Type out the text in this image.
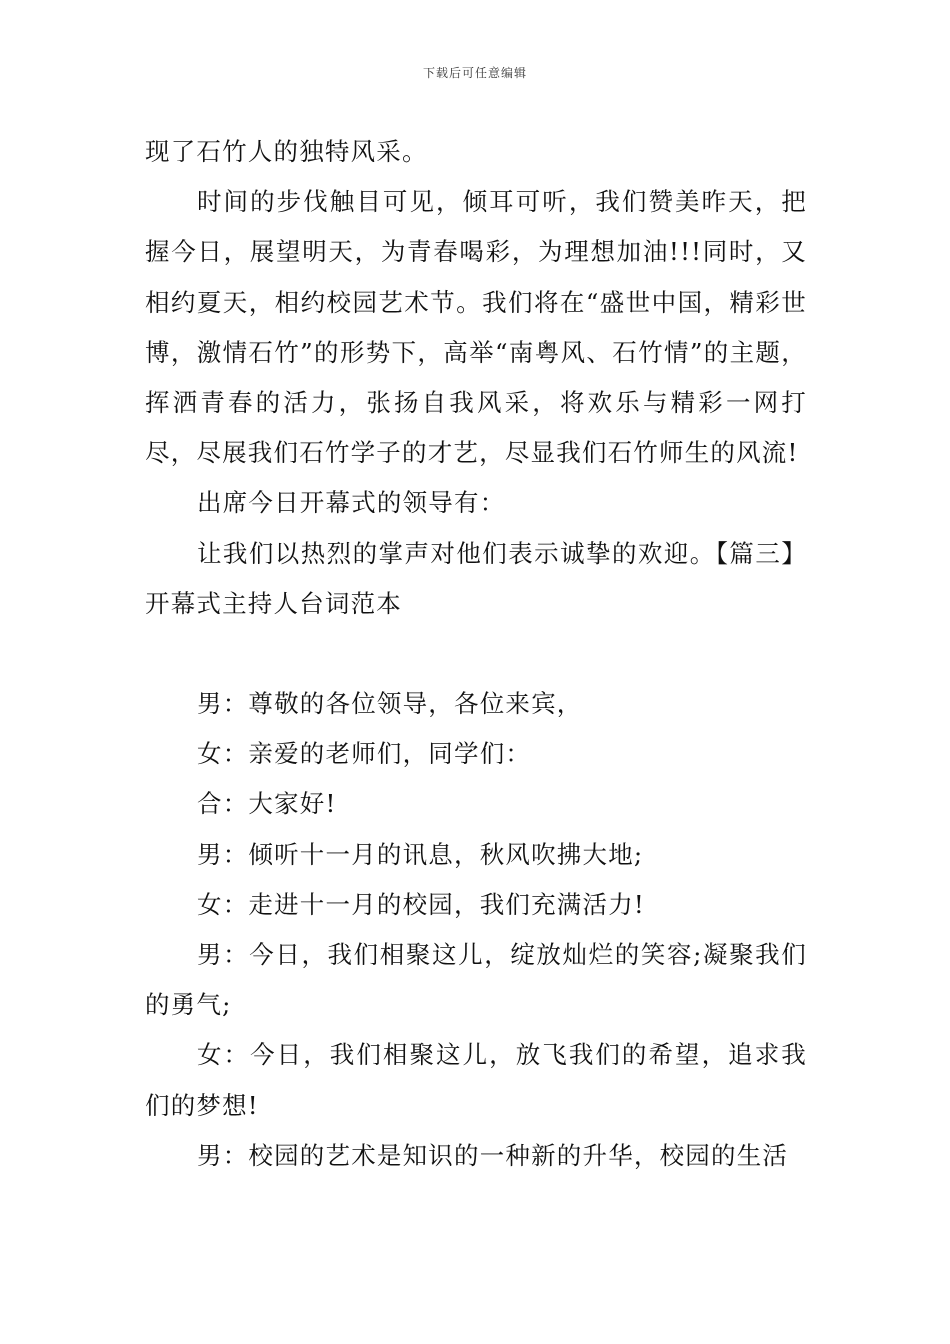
下载后可任意编辑

现了石竹人的独特风采。

时间的步伐触目可见，倾耳可听，我们赞美昨天，把握今日，展望明天，为青春喝彩，为理想加油!!!同时，又相约夏天，相约校园艺术节。我们将在“盛世中国，精彩世博，激情石竹”的形势下，高举“南粤风、石竹情”的主题，挥洒青春的活力，张扬自我风采，将欢乐与精彩一网打尽，尽展我们石竹学子的才艺，尽显我们石竹师生的风流!

出席今日开幕式的领导有：

让我们以热烈的掌声对他们表示诚挚的欢迎。【篇三】开幕式主持人台词范本

男：尊敬的各位领导，各位来宾，

女：亲爱的老师们，同学们：

合：大家好!

男：倾听十一月的讯息，秋风吹拂大地;

女：走进十一月的校园，我们充满活力!

男：今日，我们相聚这儿，绽放灿烂的笑容;凝聚我们的勇气;

女：今日，我们相聚这儿，放飞我们的希望，追求我们的梦想!

男：校园的艺术是知识的一种新的升华，校园的生活
